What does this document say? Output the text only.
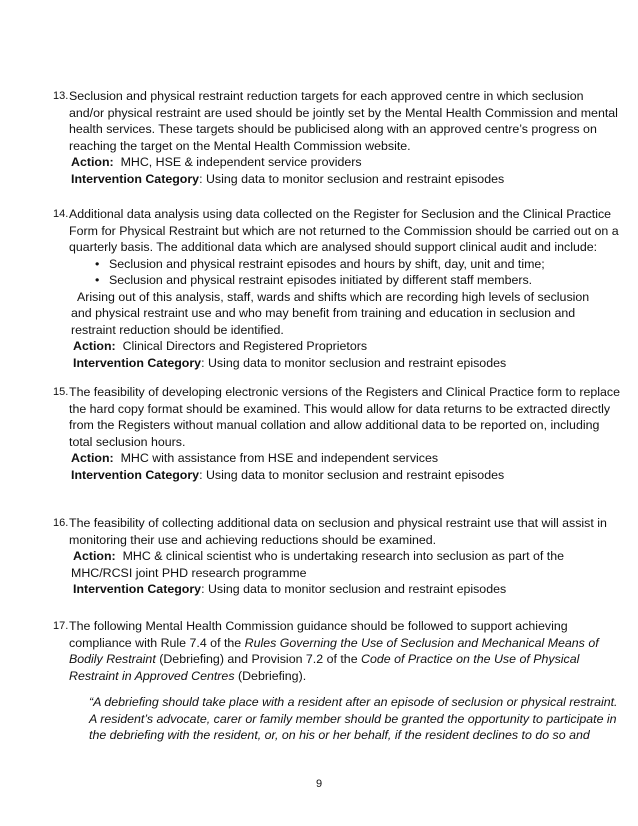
13. Seclusion and physical restraint reduction targets for each approved centre in which seclusion
and/or physical restraint are used should be jointly set by the Mental Health Commission and mental
health services. These targets should be publicised along with an approved centre’s progress on
reaching the target on the Mental Health Commission website.
Action: MHC, HSE & independent service providers
Intervention Category: Using data to monitor seclusion and restraint episodes
14. Additional data analysis using data collected on the Register for Seclusion and the Clinical Practice
Form for Physical Restraint but which are not returned to the Commission should be carried out on a
quarterly basis. The additional data which are analysed should support clinical audit and include:
• Seclusion and physical restraint episodes and hours by shift, day, unit and time;
• Seclusion and physical restraint episodes initiated by different staff members.
Arising out of this analysis, staff, wards and shifts which are recording high levels of seclusion
and physical restraint use and who may benefit from training and education in seclusion and
restraint reduction should be identified.
Action: Clinical Directors and Registered Proprietors
Intervention Category: Using data to monitor seclusion and restraint episodes
15. The feasibility of developing electronic versions of the Registers and Clinical Practice form to replace
the hard copy format should be examined. This would allow for data returns to be extracted directly
from the Registers without manual collation and allow additional data to be reported on, including
total seclusion hours.
Action: MHC with assistance from HSE and independent services
Intervention Category: Using data to monitor seclusion and restraint episodes
16. The feasibility of collecting additional data on seclusion and physical restraint use that will assist in
monitoring their use and achieving reductions should be examined.
Action: MHC & clinical scientist who is undertaking research into seclusion as part of the
MHC/RCSI joint PHD research programme
Intervention Category: Using data to monitor seclusion and restraint episodes
17. The following Mental Health Commission guidance should be followed to support achieving
compliance with Rule 7.4 of the Rules Governing the Use of Seclusion and Mechanical Means of
Bodily Restraint (Debriefing) and Provision 7.2 of the Code of Practice on the Use of Physical
Restraint in Approved Centres (Debriefing).
“A debriefing should take place with a resident after an episode of seclusion or physical restraint.
A resident’s advocate, carer or family member should be granted the opportunity to participate in
the debriefing with the resident, or, on his or her behalf, if the resident declines to do so and
9
